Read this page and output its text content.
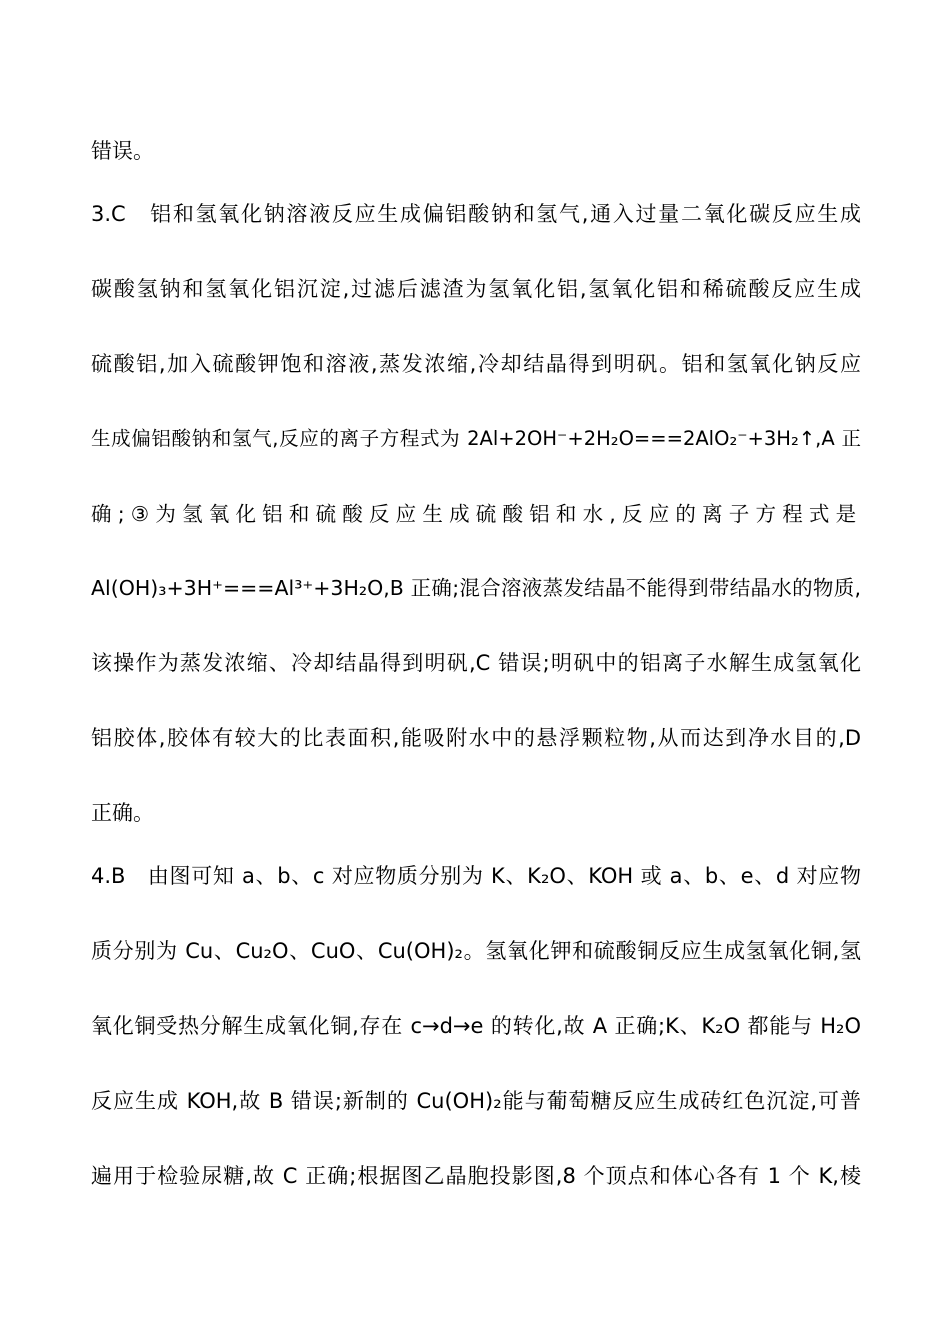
错误。
3.C　铝和氢氧化钠溶液反应生成偏铝酸钠和氢气,通入过量二氧化碳反应生成
碳酸氢钠和氢氧化铝沉淀,过滤后滤渣为氢氧化铝,氢氧化铝和稀硫酸反应生成
硫酸铝,加入硫酸钾饱和溶液,蒸发浓缩,冷却结晶得到明矾。铝和氢氧化钠反应
生成偏铝酸钠和氢气,反应的离子方程式为 2Al+2OH⁻+2H₂O===2AlO₂⁻+3H₂↑,A 正
确;③为氢氧化铝和硫酸反应生成硫酸铝和水,反应的离子方程式是
Al(OH)₃+3H⁺===Al³⁺+3H₂O,B 正确;混合溶液蒸发结晶不能得到带结晶水的物质,
该操作为蒸发浓缩、冷却结晶得到明矾,C 错误;明矾中的铝离子水解生成氢氧化
铝胶体,胶体有较大的比表面积,能吸附水中的悬浮颗粒物,从而达到净水目的,D
正确。
4.B　由图可知 a、b、c 对应物质分别为 K、K₂O、KOH 或 a、b、e、d 对应物
质分别为 Cu、Cu₂O、CuO、Cu(OH)₂。氢氧化钾和硫酸铜反应生成氢氧化铜,氢
氧化铜受热分解生成氧化铜,存在 c→d→e 的转化,故 A 正确;K、K₂O 都能与 H₂O
反应生成 KOH,故 B 错误;新制的 Cu(OH)₂能与葡萄糖反应生成砖红色沉淀,可普
遍用于检验尿糖,故 C 正确;根据图乙晶胞投影图,8 个顶点和体心各有 1 个 K,棱
